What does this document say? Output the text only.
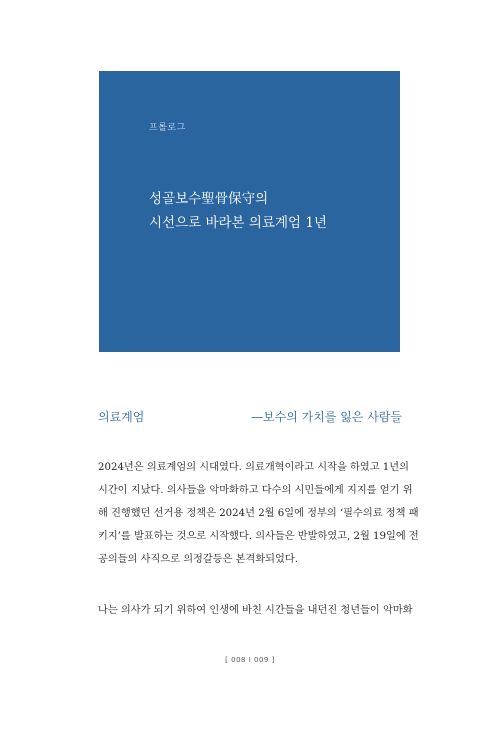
프롤로그
성골보수聖骨保守의
시선으로 바라본 의료계엄 1년
의료계엄	—보수의 가치를 잃은 사람들
2024년은 의료계엄의 시대였다. 의료개혁이라고 시작을 하였고 1년의
시간이 지났다. 의사들을 악마화하고 다수의 시민들에게 지지를 얻기 위
해 진행했던 선거용 정책은 2024년 2월 6일에 정부의 ‘필수의료 정책 패
키지’를 발표하는 것으로 시작했다. 의사들은 반발하였고, 2월 19일에 전
공의들의 사직으로 의정갈등은 본격화되었다.
나는 의사가 되기 위하여 인생에 바친 시간들을 내던진 청년들이 악마화
[ 008 I 009 ]
